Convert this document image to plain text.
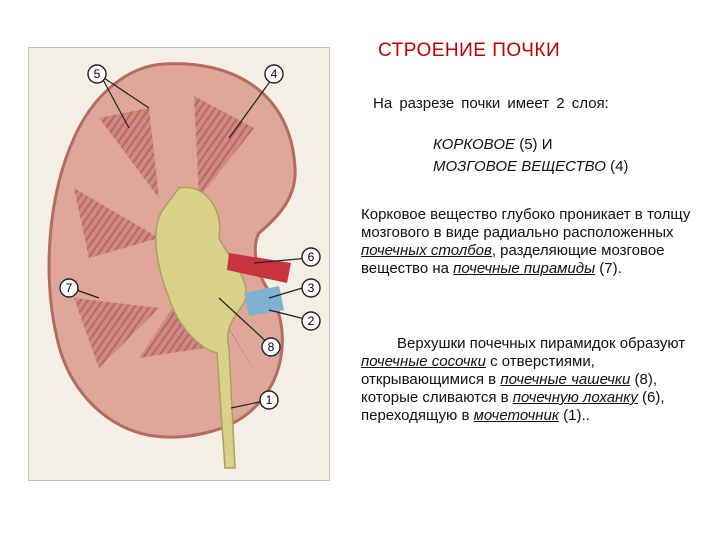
5	4
6
3
2
8
7
1
СТРОЕНИЕ ПОЧКИ
На разрезе почки имеет 2 слоя:
КОРКОВОЕ (5) И
МОЗГОВОЕ ВЕЩЕСТВО (4)
Корковое вещество глубоко проникает в толщу мозгового в виде радиально расположенных почечных столбов, разделяющие мозговое вещество на почечные пирамиды (7).
Верхушки почечных пирамидок образуют почечные сосочки с отверстиями, открывающимися в почечные чашечки (8), которые сливаются в почечную лоханку (6), переходящую в мочеточник (1)..
